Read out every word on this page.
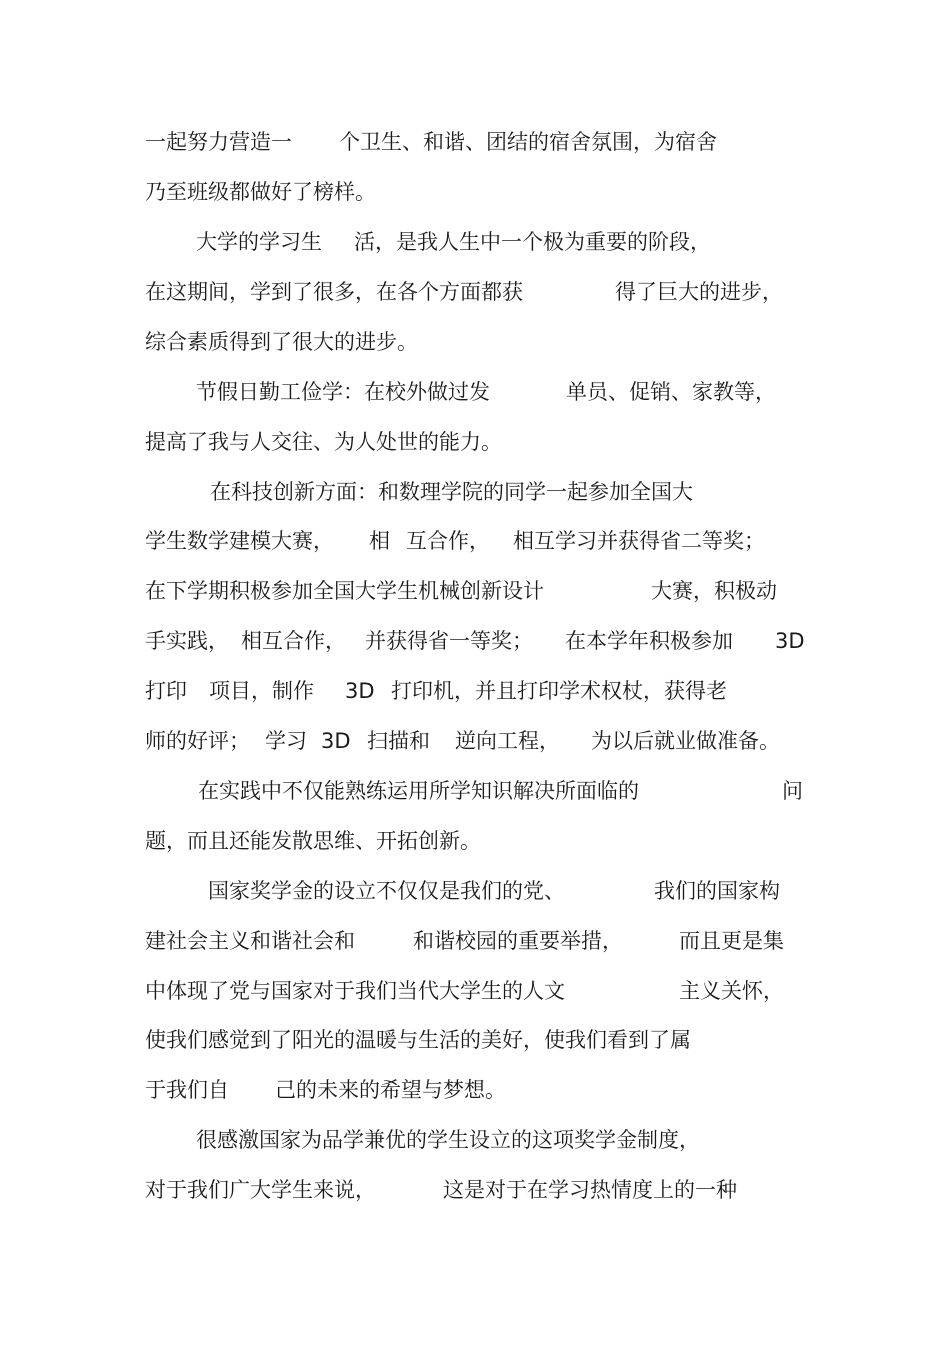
一起努力营造一 个卫生、和谐、团结的宿舍氛围，为宿舍
乃至班级都做好了榜样。
大学的学习生 活，是我人生中一个极为重要的阶段，
在这期间，学到了很多，在各个方面都获	得了巨大的进步，
综合素质得到了很大的进步。
节假日勤工俭学：在校外做过发	单员、促销、家教等，
提高了我与人交往、为人处世的能力。
在科技创新方面：和数理学院的同学一起参加全国大
学生数学建模大赛， 相 互合作， 相互学习并获得省二等奖；
在下学期积极参加全国大学生机械创新设计	大赛，积极动
手实践， 相互合作， 并获得省一等奖； 在本学年积极参加 3D
打印 项目，制作 3D 打印机，并且打印学术权杖，获得老
师的好评； 学习 3D 扫描和 逆向工程， 为以后就业做准备。
在实践中不仅能熟练运用所学知识解决所面临的	问
题，而且还能发散思维、开拓创新。
国家奖学金的设立不仅仅是我们的党、	我们的国家构
建社会主义和谐社会和	和谐校园的重要举措，	而且更是集
中体现了党与国家对于我们当代大学生的人文	主义关怀，
使我们感觉到了阳光的温暖与生活的美好，使我们看到了属
于我们自 己的未来的希望与梦想。
很感激国家为品学兼优的学生设立的这项奖学金制度，
对于我们广大学生来说，	这是对于在学习热情度上的一种
